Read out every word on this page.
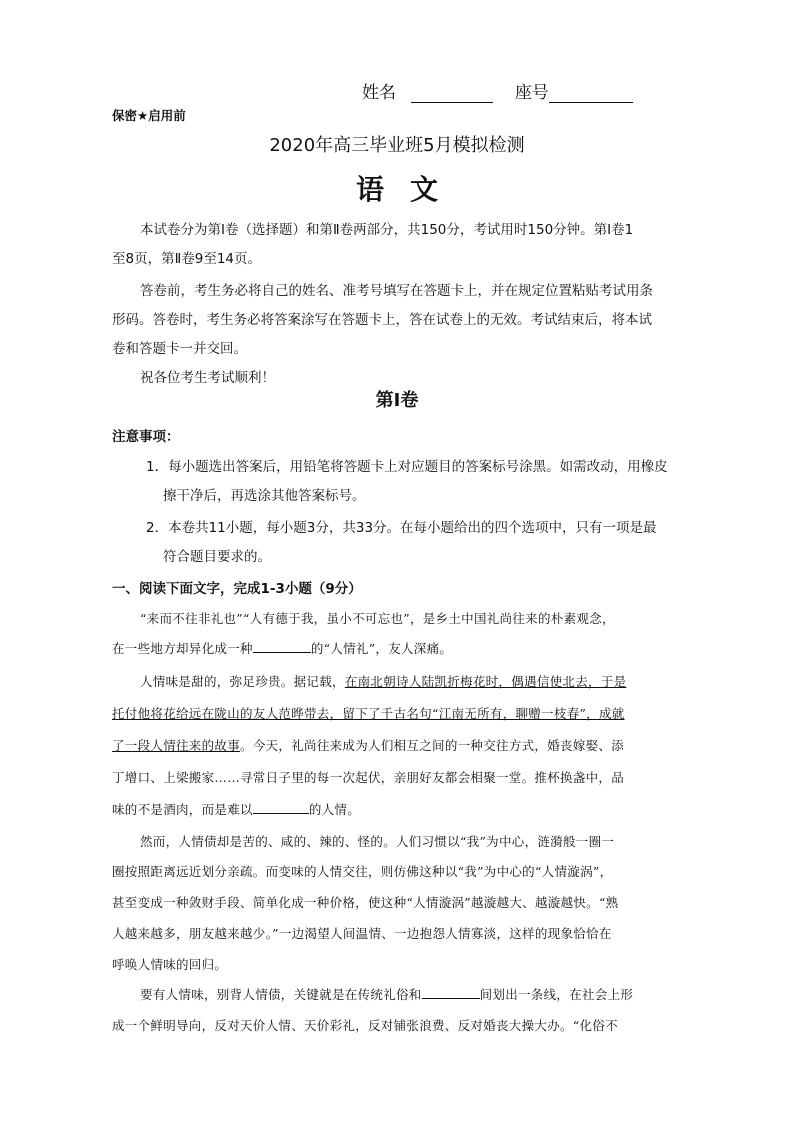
姓名	座号
保密★启用前
2020年高三毕业班5月模拟检测
语文
本试卷分为第Ⅰ卷（选择题）和第Ⅱ卷两部分，共150分，考试用时150分钟。第Ⅰ卷1
至8页，第Ⅱ卷9至14页。
答卷前，考生务必将自己的姓名、准考号填写在答题卡上，并在规定位置粘贴考试用条
形码。答卷时，考生务必将答案涂写在答题卡上，答在试卷上的无效。考试结束后，将本试
卷和答题卡一并交回。
祝各位考生考试顺利！
第Ⅰ卷
注意事项：
1．每小题选出答案后，用铅笔将答题卡上对应题目的答案标号涂黑。如需改动，用橡皮
擦干净后，再选涂其他答案标号。
2．本卷共11小题，每小题3分，共33分。在每小题给出的四个选项中，只有一项是最
符合题目要求的。
一、阅读下面文字，完成1-3小题（9分）
“来而不往非礼也”“人有德于我，虽小不可忘也”，是乡土中国礼尚往来的朴素观念，
在一些地方却异化成一种	的“人情礼”，友人深痛。
人情味是甜的，弥足珍贵。据记载，在南北朝诗人陆凯折梅花时，偶遇信使北去，于是
托付他将花给远在陇山的友人范晔带去，留下了千古名句“江南无所有，聊赠一枝春”，成就
了一段人情往来的故事。今天，礼尚往来成为人们相互之间的一种交往方式，婚丧嫁娶、添
丁增口、上梁搬家……寻常日子里的每一次起伏，亲朋好友都会相聚一堂。推杯换盏中，品
味的不是酒肉，而是难以	的人情。
然而，人情债却是苦的、咸的、辣的、怪的。人们习惯以“我”为中心，涟漪般一圈一
圈按照距离远近划分亲疏。而变味的人情交往，则仿佛这种以“我”为中心的“人情漩涡”，
甚至变成一种敛财手段、简单化成一种价格，使这种“人情漩涡”越漩越大、越漩越快。“熟
人越来越多，朋友越来越少。”一边渴望人间温情、一边抱怨人情寡淡，这样的现象恰恰在
呼唤人情味的回归。
要有人情味，别背人情债，关键就是在传统礼俗和	间划出一条线，在社会上形
成一个鲜明导向，反对天价人情、天价彩礼，反对铺张浪费、反对婚丧大操大办。“化俗不
